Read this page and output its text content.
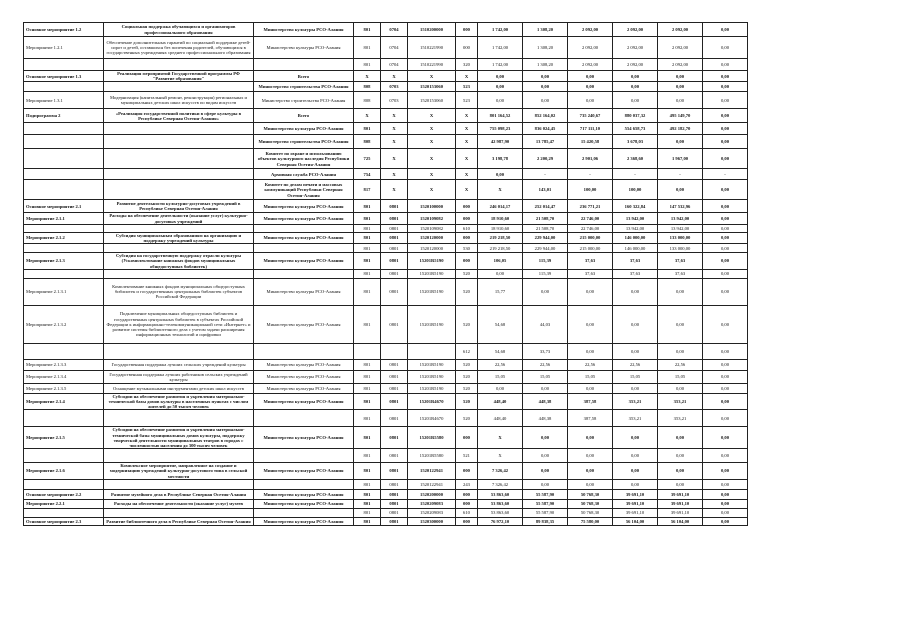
Основное мероприятие 1.2	Социальная поддержка обучающихся и организаторов профессионального образования	Министерство культуры РСО-Алания	801	0704	1510200000	000	1 742,00	1 308,20	2 092,00	2 092,00	2 092,00	0,00
Мероприятие 1.2.1	Обеспечение дополнительных гарантий по социальной поддержке детей-сирот и детей, оставшихся без попечения родителей, обучающихся в государственных учреждениях среднего профессионального образования	Министерство культуры РСО-Алания	801	0704	1510221990	000	1 742,00	1 308,20	2 092,00	2 092,00	2 092,00	0,00
			801	0704	1510221990	320	1 742,00	1 308,20	2 092,00	2 092,00	2 092,00	0,00
Основное мероприятие 1.3	Реализация мероприятий Государственной программы РФ "Развитие образования"	Всего	X	X	X	X	0,00	0,00	0,00	0,00	0,00	0,00
		Министерство строительства РСО-Алания	808	0703	1520153060	523	0,00	0,00	0,00	0,00	0,00	0,00
Мероприятие 1.3.1	Модернизация (капитальный ремонт, реконструкция) региональных и муниципальных детских школ искусств по видам искусств	Министерство строительства РСО-Алания	808	0703	1520153060	523	0,00	0,00	0,00	0,00	0,00	0,00
Подпрограмма 2	«Реализация государственной политики в сфере культуры в Республике Северная Осетия-Алания»	Всего	X	X	X	X	801 164,52	852 164,02	735 240,67	880 037,32	495 149,70	0,00
		Министерство культуры РСО-Алания	801	X	X	X	755 098,23	836 024,45	717 111,10	554 658,73	492 182,70	0,00
		Министерство строительства РСО-Алания	808	X	X	X	42 987,90	13 785,47	15 420,58	3 678,03	0,00	0,00
		Комитет по охране и использованию объектов культурного наследия Республики Северная Осетия-Алания	725	X	X	X	3 198,78	2 200,29	2 901,06	2 368,60	1 967,00	0,00
		Архивная служба РСО-Алания	754	X	X	X	0,00	-	-	-	-	-
		Комитет по делам печати и массовых коммуникаций Республики Северная Осетия-Алания	817	X	X	X	X	143,01	100,00	100,00	0,00	0,00
Основное мероприятие 2.1	Развитие деятельности культурно-досуговых учреждений в Республике Северная Осетия-Алания	Министерство культуры РСО-Алания	801	0801	1520100000	000	246 014,17	252 014,47	236 771,21	160 322,84	147 532,96	0,00
Мероприятие 2.1.1	Расходы на обеспечение деятельности (оказание услуг) культурно-досуговых учреждений	Министерство культуры РСО-Алания	801	0801	1520109082	000	18 910,60	21 508,70	22 746,00	13 942,00	13 942,00	0,00
			801	0801	1520109082	610	18 910,60	21 508,70	22 746,00	13 942,00	13 942,00	0,00
Мероприятие 2.1.2	Субсидия муниципальным образованиям на организацию и поддержку учреждений культуры	Министерство культуры РСО-Алания	801	0801	1520120000	000	219 218,50	229 944,00	215 000,00	146 000,00	133 000,00	0,00
			801	0801	1520120000	530	219 218,50	229 944,00	215 000,00	146 000,00	133 000,00	0,00
Мероприятие 2.1.3	Субсидия на государственную поддержку отрасли культуры (Ускомплектование книжных фондов муниципальных общедоступных библиотек)	Министерство культуры РСО-Алания	801	0801	15201R5190	000	106,05	115,39	37,63	37,63	37,63	0,00
			801	0801	15201R5190	520	0,00	115,39	37,63	37,63	37,63	0,00
Мероприятие 2.1.3.1	Комплектование книжных фондов муниципальных общедоступных библиотек и государственных центральных библиотек субъектов Российской Федерации	Министерство культуры РСО-Алания	801	0801	15201R5190	520	15,77	0,00	0,00	0,00	0,00	0,00
Мероприятие 2.1.3.2	Подключение муниципальных общедоступных библиотек и государственных центральных библиотек в субъектах Российской Федерации к информационно-телекоммуникационной сети «Интернет» и развитие системы библиотечного дела с учетом задачи расширения информационных технологий и оцифровки	Министерство культуры РСО-Алания	801	0801	15201R5190	520	54,68	44,03	0,00	0,00	0,00	0,00
						612	54,68	33,73	0,00	0,00	0,00	0,00
Мероприятие 2.1.3.3	Государственная поддержка лучших сельских учреждений культуры	Министерство культуры РСО-Алания	801	0801	15201R5190	520	22,56	22,56	22,56	22,56	22,56	0,00
Мероприятие 2.1.3.4	Государственная поддержка лучших работников сельских учреждений культуры	Министерство культуры РСО-Алания	801	0801	15201R5190	520	15,05	15,05	15,05	15,05	15,05	0,00
Мероприятие 2.1.3.5	Оснащение музыкальными инструментами детских школ искусств	Министерство культуры РСО-Алания	801	0801	15201R5190	520	0,00	0,00	0,00	0,00	0,00	0,00
Мероприятие 2.1.4	Субсидии на обеспечение развития и укрепления материально-технической базы домов культуры в населенных пунктах с числом жителей до 50 тысяч человек	Министерство культуры РСО-Алания	801	0801	15201R4670	520	448,40	448,38	387,58	353,21	353,21	0,00
			801	0801	15201R4670	520	448,40	448,38	387,58	353,21	353,21	0,00
Мероприятие 2.1.5	Субсидии на обеспечение развития и укрепления материально-технической базы муниципальных домов культуры, поддержку творческой деятельности муниципальных театров в городах с численностью населения до 300 тысяч человек	Министерство культуры РСО-Алания	801	0801	15201R5580	000	X	0,00	0,00	0,00	0,00	0,00
			801	0801	15201R5580	521	X	0,00	0,00	0,00	0,00	0,00
Мероприятие 2.1.6	Комплексное мероприятие, направленное на создание и модернизацию учреждений культурно-досугового типа в сельской местности	Министерство культуры РСО-Алания	801	0801	1520122941	000	7 326,42	0,00	0,00	0,00	0,00	0,00
			801	0801	1520122941	243	7 326,42	0,00	0,00	0,00	0,00	0,00
Основное мероприятие 2.2	Развитие музейного дела в Республике Северная Осетия-Алания	Министерство культуры РСО-Алания	801	0801	1520200000	000	53 863,60	55 587,90	50 768,30	39 691,10	39 691,10	0,00
Мероприятие 2.2.1	Расходы на обеспечение деятельности (оказание услуг) музеев	Министерство культуры РСО-Алания	801	0801	1520209083	000	53 863,60	55 587,90	50 768,30	39 691,10	39 691,10	0,00
			801	0801	1520209083	610	53 863,60	55 587,90	50 768,30	39 691,10	39 691,10	0,00
Основное мероприятие 2.3	Развитие библиотечного дела в Республике Северная Осетия-Алания	Министерство культуры РСО-Алания	801	0801	1520300000	000	76 972,10	89 838,35	75 580,00	56 104,00	56 104,00	0,00
